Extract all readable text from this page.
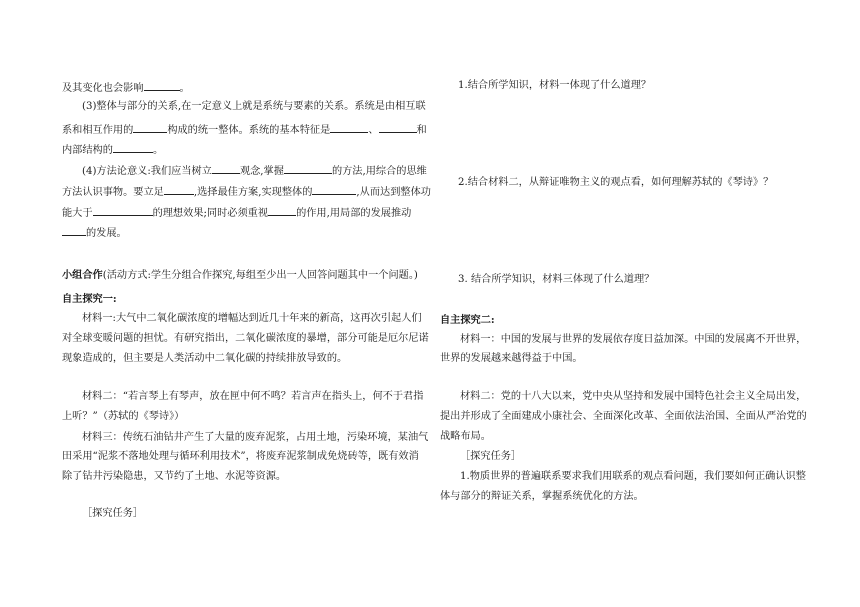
及其变化也会影响	。
(3)整体与部分的关系,在一定意义上就是系统与要素的关系。系统是由相互联
系和相互作用的	构成的统一整体。系统的基本特征是	、	和
内部结构的	。
(4)方法论意义:我们应当树立	观念,掌握	的方法,用综合的思维
方法认识事物。要立足	,选择最佳方案,实现整体的	,从而达到整体功
能大于	的理想效果;同时必须重视	的作用,用局部的发展推动
的发展。
小组合作(活动方式:学生分组合作探究,每组至少出一人回答问题其中一个问题。)
自主探究一:
材料一:大气中二氧化碳浓度的增幅达到近几十年来的新高，这再次引起人们
对全球变暖问题的担忧。有研究指出，二氧化碳浓度的暴增，部分可能是厄尔尼诺
现象造成的，但主要是人类活动中二氧化碳的持续排放导致的。
材料二：“若言琴上有琴声，放在匣中何不鸣？若言声在指头上，何不于君指
上听？”（苏轼的《琴诗》）
材料三：传统石油钻井产生了大量的废弃泥浆，占用土地，污染环境，某油气
田采用“泥浆不落地处理与循环利用技术”，将废弃泥浆制成免烧砖等，既有效消
除了钻井污染隐患，又节约了土地、水泥等资源。
［探究任务］
1.结合所学知识，材料一体现了什么道理？
2.结合材料二，从辩证唯物主义的观点看，如何理解苏轼的《琴诗》？
3. 结合所学知识，材料三体现了什么道理？
自主探究二:
材料一：中国的发展与世界的发展依存度日益加深。中国的发展离不开世界，
世界的发展越来越得益于中国。
材料二：党的十八大以来，党中央从坚持和发展中国特色社会主义全局出发，
提出并形成了全面建成小康社会、全面深化改革、全面依法治国、全面从严治党的
战略布局。
［探究任务］
1.物质世界的普遍联系要求我们用联系的观点看问题，我们要如何正确认识整
体与部分的辩证关系，掌握系统优化的方法。
